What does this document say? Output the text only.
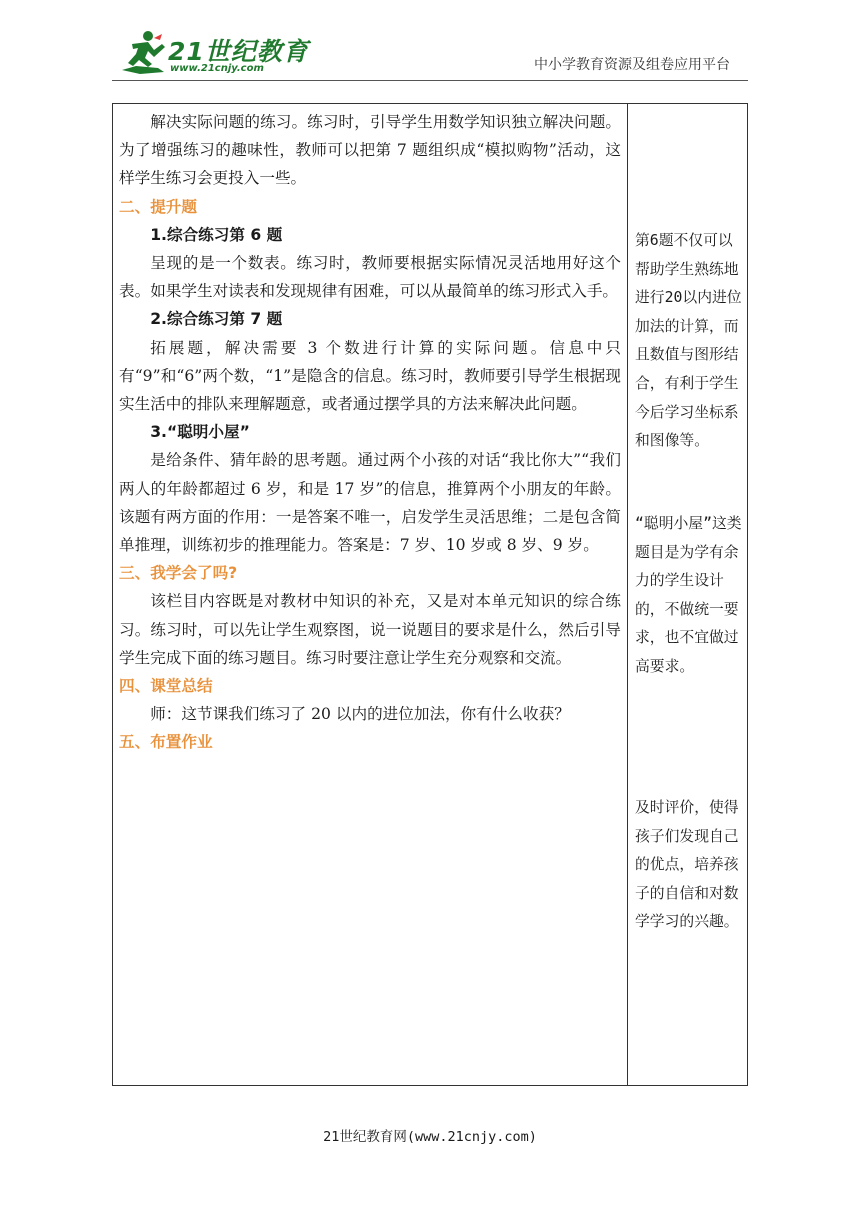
21世纪教育
www.21cnjy.com	中小学教育资源及组卷应用平台

解决实际问题的练习。练习时，引导学生用数学知识独立解决问题。为了增强练习的趣味性，教师可以把第 7 题组织成“模拟购物”活动，这样学生练习会更投入一些。

二、提升题
1.综合练习第 6 题

呈现的是一个数表。练习时，教师要根据实际情况灵活地用好这个表。如果学生对读表和发现规律有困难，可以从最简单的练习形式入手。

2.综合练习第 7 题

拓展题，解决需要 3 个数进行计算的实际问题。信息中只有“9”和“6”两个数，“1”是隐含的信息。练习时，教师要引导学生根据现实生活中的排队来理解题意，或者通过摆学具的方法来解决此问题。

3.“聪明小屋”

是给条件、猜年龄的思考题。通过两个小孩的对话“我比你大”“我们两人的年龄都超过 6 岁，和是 17 岁”的信息，推算两个小朋友的年龄。该题有两方面的作用：一是答案不唯一，启发学生灵活思维；二是包含简单推理，训练初步的推理能力。答案是：7 岁、10 岁或 8 岁、9 岁。

三、我学会了吗?

该栏目内容既是对教材中知识的补充，又是对本单元知识的综合练习。练习时，可以先让学生观察图，说一说题目的要求是什么，然后引导学生完成下面的练习题目。练习时要注意让学生充分观察和交流。

四、课堂总结

师：这节课我们练习了 20 以内的进位加法，你有什么收获？

五、布置作业
第6题不仅可以帮助学生熟练地进行20以内进位加法的计算，而且数值与图形结合，有利于学生今后学习坐标系和图像等。
“聪明小屋”这类题目是为学有余力的学生设计的，不做统一要求，也不宜做过高要求。
及时评价，使得孩子们发现自己的优点，培养孩子的自信和对数学学习的兴趣。
21世纪教育网(www.21cnjy.com)
